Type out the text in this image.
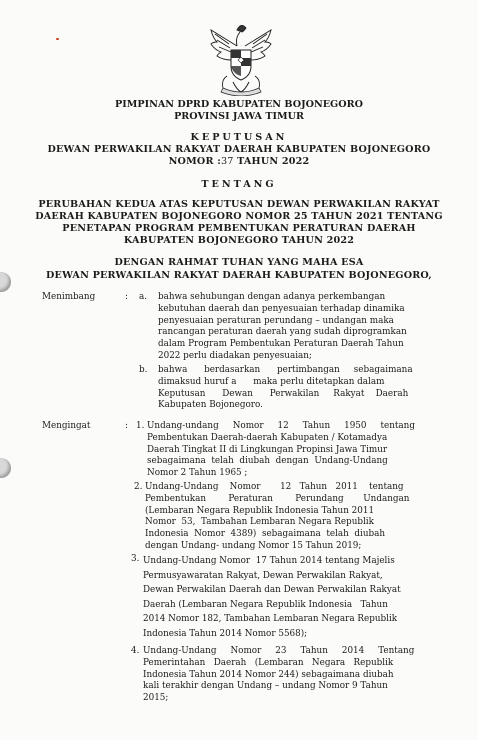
PIMPINAN DPRD KABUPATEN BOJONEGORO
PROVINSI JAWA TIMUR
KEPUTUSAN
DEWAN PERWAKILAN RAKYAT DAERAH KABUPATEN BOJONEGORO
NOMOR :37 TAHUN 2022
TENTANG
PERUBAHAN KEDUA ATAS KEPUTUSAN DEWAN PERWAKILAN RAKYAT
DAERAH KABUPATEN BOJONEGORO NOMOR 25 TAHUN 2021 TENTANG
PENETAPAN PROGRAM PEMBENTUKAN PERATURAN DAERAH
KABUPATEN BOJONEGORO TAHUN 2022
DENGAN RAHMAT TUHAN YANG MAHA ESA
DEWAN PERWAKILAN RAKYAT DAERAH KABUPATEN BOJONEGORO,
Menimbang	: a. bahwa sehubungan dengan adanya perkembangan
kebutuhan daerah dan penyesuaian terhadap dinamika
penyesuaian peraturan perundang – undangan maka
rancangan peraturan daerah yang sudah diprogramkan
dalam Program Pembentukan Peraturan Daerah Tahun
2022 perlu diadakan penyesuaian;
b. bahwa      berdasarkan      pertimbangan     sebagaimana
dimaksud huruf a      maka perlu ditetapkan dalam
Keputusan      Dewan      Perwakilan     Rakyat    Daerah
Kabupaten Bojonegoro.
Mengingat	: 1. Undang-undang     Nomor     12     Tahun     1950     tentang
Pembentukan Daerah-daerah Kabupaten / Kotamadya
Daerah Tingkat II di Lingkungan Propinsi Jawa Timur
sebagaimana  telah  diubah  dengan  Undang-Undang
Nomor 2 Tahun 1965 ;
2. Undang-Undang    Nomor       12   Tahun   2011    tentang
Pembentukan        Peraturan        Perundang       Undangan
(Lembaran Negara Republik Indonesia Tahun 2011
Nomor  53,  Tambahan Lembaran Negara Republik
Indonesia  Nomor  4389)  sebagaimana  telah  diubah
dengan Undang- undang Nomor 15 Tahun 2019;
3. Undang-Undang Nomor  17 Tahun 2014 tentang Majelis
Permusyawaratan Rakyat, Dewan Perwakilan Rakyat,
Dewan Perwakilan Daerah dan Dewan Perwakilan Rakyat
Daerah (Lembaran Negara Republik Indonesia   Tahun
2014 Nomor 182, Tambahan Lembaran Negara Republik
Indonesia Tahun 2014 Nomor 5568);
4. Undang-Undang     Nomor     23     Tahun     2014     Tentang
Pemerintahan   Daerah   (Lembaran   Negara   Republik
Indonesia Tahun 2014 Nomor 244) sebagaimana diubah
kali terakhir dengan Undang – undang Nomor 9 Tahun
2015;
